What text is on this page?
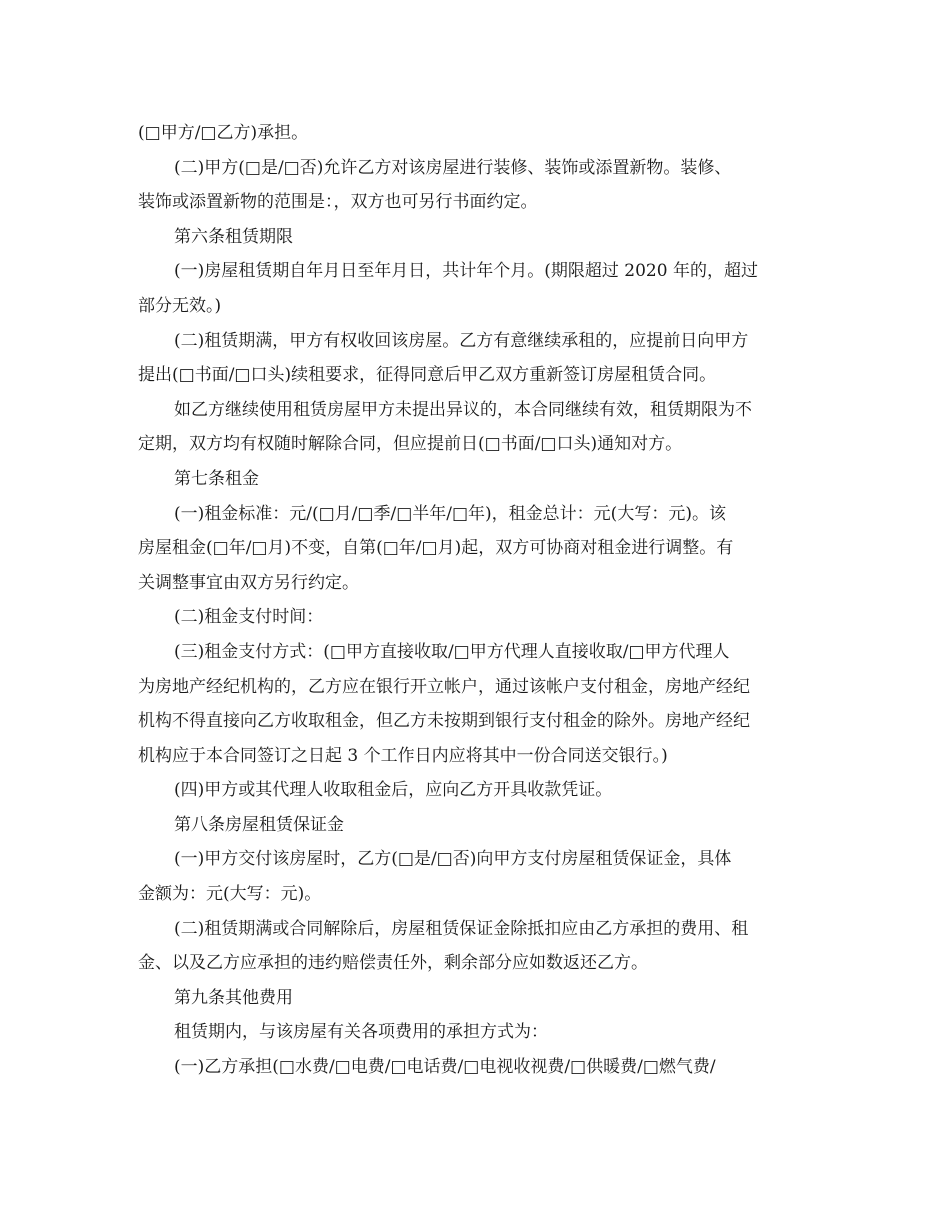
(□甲方/□乙方)承担。
(二)甲方(□是/□否)允许乙方对该房屋进行装修、装饰或添置新物。装修、
装饰或添置新物的范围是：，双方也可另行书面约定。
第六条租赁期限
(一)房屋租赁期自年月日至年月日，共计年个月。(期限超过 2020 年的，超过
部分无效。)
(二)租赁期满，甲方有权收回该房屋。乙方有意继续承租的，应提前日向甲方
提出(□书面/□口头)续租要求，征得同意后甲乙双方重新签订房屋租赁合同。
如乙方继续使用租赁房屋甲方未提出异议的，本合同继续有效，租赁期限为不
定期，双方均有权随时解除合同，但应提前日(□书面/□口头)通知对方。
第七条租金
(一)租金标准：元/(□月/□季/□半年/□年)，租金总计：元(大写：元)。该
房屋租金(□年/□月)不变，自第(□年/□月)起，双方可协商对租金进行调整。有
关调整事宜由双方另行约定。
(二)租金支付时间：
(三)租金支付方式：(□甲方直接收取/□甲方代理人直接收取/□甲方代理人
为房地产经纪机构的，乙方应在银行开立帐户，通过该帐户支付租金，房地产经纪
机构不得直接向乙方收取租金，但乙方未按期到银行支付租金的除外。房地产经纪
机构应于本合同签订之日起 3 个工作日内应将其中一份合同送交银行。)
(四)甲方或其代理人收取租金后，应向乙方开具收款凭证。
第八条房屋租赁保证金
(一)甲方交付该房屋时，乙方(□是/□否)向甲方支付房屋租赁保证金，具体
金额为：元(大写：元)。
(二)租赁期满或合同解除后，房屋租赁保证金除抵扣应由乙方承担的费用、租
金、以及乙方应承担的违约赔偿责任外，剩余部分应如数返还乙方。
第九条其他费用
租赁期内，与该房屋有关各项费用的承担方式为：
(一)乙方承担(□水费/□电费/□电话费/□电视收视费/□供暖费/□燃气费/
